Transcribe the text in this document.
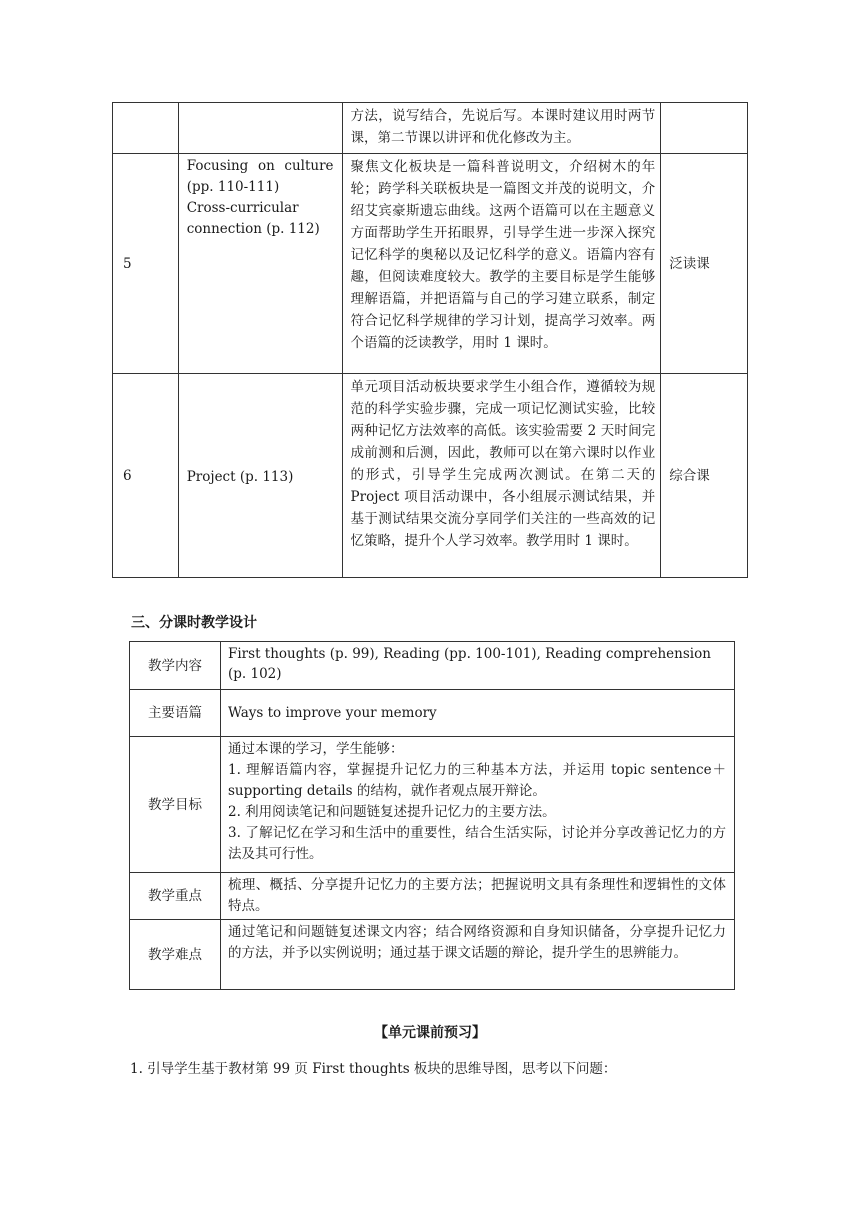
		方法，说写结合，先说后写。本课时建议用时两节课，第二节课以讲评和优化修改为主。	
5	Focusing on culture (pp. 110-111)
Cross-curricular connection (p. 112)	聚焦文化板块是一篇科普说明文，介绍树木的年轮；跨学科关联板块是一篇图文并茂的说明文，介绍艾宾豪斯遗忘曲线。这两个语篇可以在主题意义方面帮助学生开拓眼界，引导学生进一步深入探究记忆科学的奥秘以及记忆科学的意义。语篇内容有趣，但阅读难度较大。教学的主要目标是学生能够理解语篇，并把语篇与自己的学习建立联系，制定符合记忆科学规律的学习计划，提高学习效率。两个语篇的泛读教学，用时 1 课时。	泛读课
6	Project (p. 113)	单元项目活动板块要求学生小组合作，遵循较为规范的科学实验步骤，完成一项记忆测试实验，比较两种记忆方法效率的高低。该实验需要 2 天时间完成前测和后测，因此，教师可以在第六课时以作业的形式，引导学生完成两次测试。在第二天的 Project 项目活动课中，各小组展示测试结果，并基于测试结果交流分享同学们关注的一些高效的记忆策略，提升个人学习效率。教学用时 1 课时。	综合课
三、分课时教学设计
教学内容	First thoughts (p. 99), Reading (pp. 100-101), Reading comprehension (p. 102)
主要语篇	Ways to improve your memory
教学目标	通过本课的学习，学生能够：

1. 理解语篇内容，掌握提升记忆力的三种基本方法，并运用 topic sentence＋supporting details 的结构，就作者观点展开辩论。

2. 利用阅读笔记和问题链复述提升记忆力的主要方法。

3. 了解记忆在学习和生活中的重要性，结合生活实际，讨论并分享改善记忆力的方法及其可行性。

教学重点	梳理、概括、分享提升记忆力的主要方法；把握说明文具有条理性和逻辑性的文体特点。
教学难点	通过笔记和问题链复述课文内容；结合网络资源和自身知识储备，分享提升记忆力的方法，并予以实例说明；通过基于课文话题的辩论，提升学生的思辨能力。
【单元课前预习】
1. 引导学生基于教材第 99 页 First thoughts 板块的思维导图，思考以下问题：
